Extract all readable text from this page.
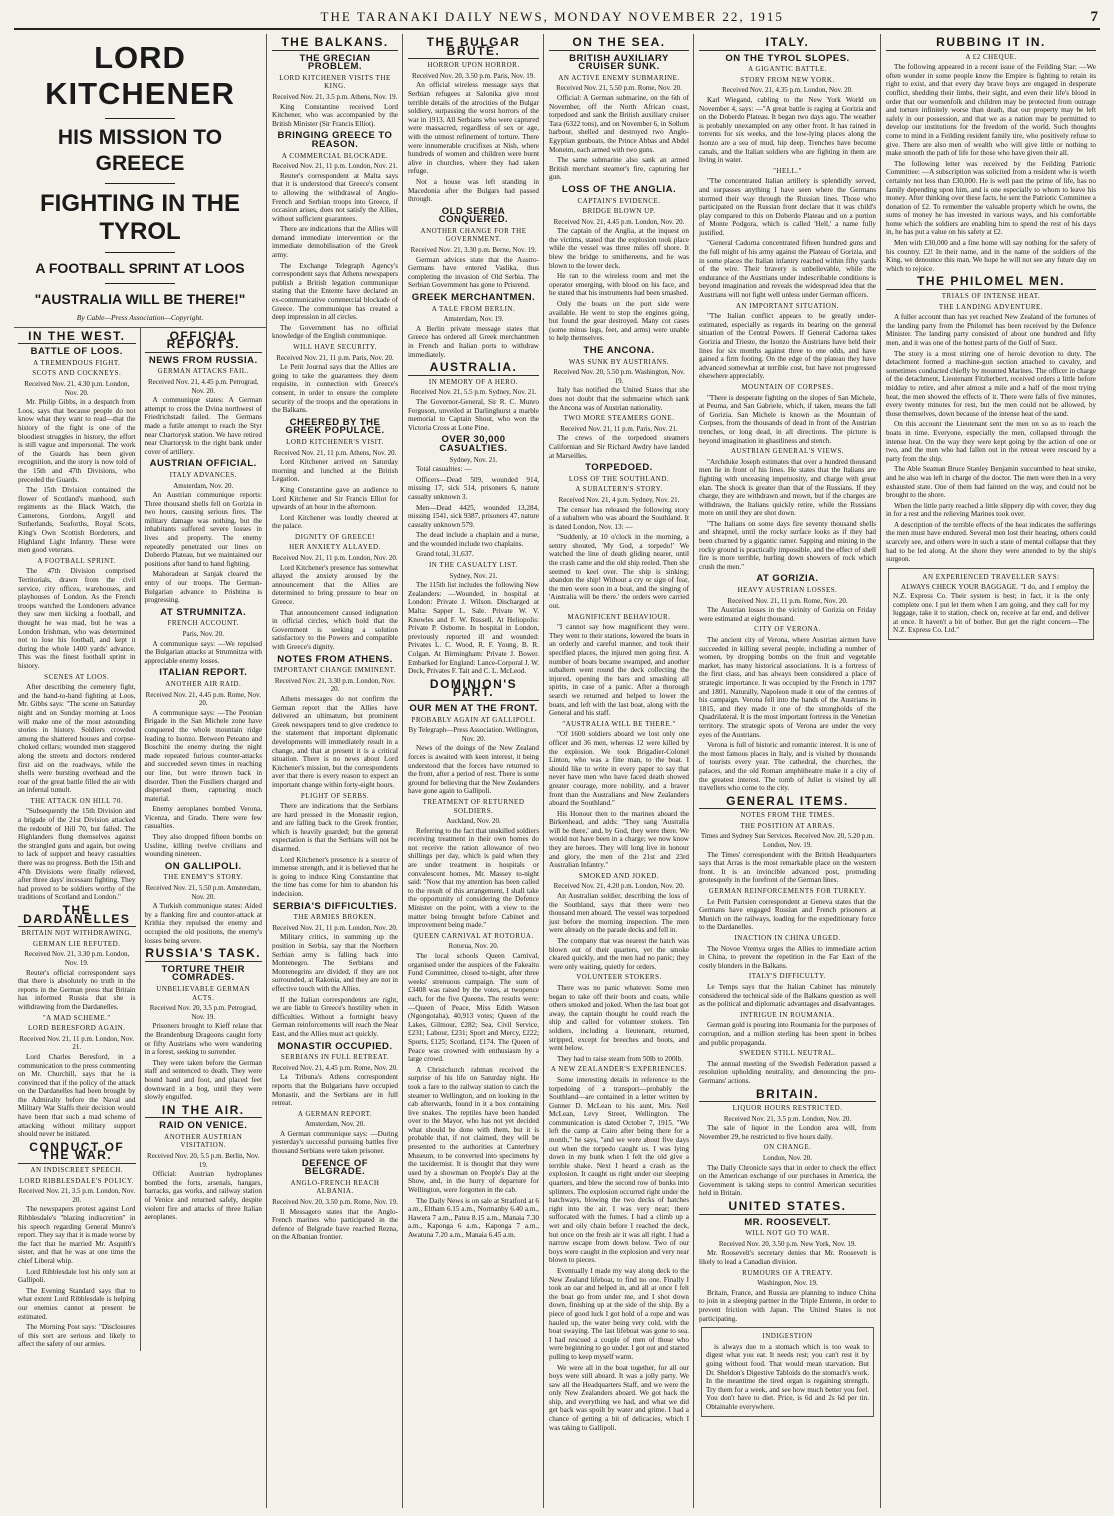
THE TARANAKI DAILY NEWS, MONDAY NOVEMBER 22, 1915	7
LORD KITCHENER
HIS MISSION TO GREECE
FIGHTING IN THE TYROL
A FOOTBALL SPRINT AT LOOS
"AUSTRALIA WILL BE THERE!"
By Cable—Press Association—Copyright.
IN THE WEST.
BATTLE OF LOOS.
A TREMENDOUS FIGHT.
SCOTS AND COCKNEYS.
Received Nov. 21, 4.30 p.m. London, Nov. 20.

Mr. Philip Gibbs, in a despatch from Loos, says that because people do not know what they want to read—that the history of the fight is one of the bloodiest struggles in history, the effort is still vague and impersonal. The work of the Guards has been given recognition, and the story is now told of the 15th and 47th Divisions, who preceded the Guards.

The 15th Division contained the flower of Scotland's manhood, such regiments as the Black Watch, the Camerons, Gordons, Argyll and Sutherlands, Seaforths, Royal Scots, King's Own Scottish Borderers, and Highland Light Infantry. These were men good veterans.

A FOOTBALL SPRINT.

The 47th Division comprised Territorials, drawn from the civil service, city offices, warehouses, and playhouses of London. As the French troops watched the Londoners advance they saw men kicking a football, and thought he was mad, but he was a London Irishman, who was determined not to lose his football, and kept it during the whole 1400 yards' advance. This was the finest football sprint in history.

SCENES AT LOOS.

After describing the cemetery fight, and the hand-to-hand fighting at Loos, Mr. Gibbs says: "The scene on Saturday night and on Sunday morning at Loos will make one of the most astounding stories in history. Soldiers crowded among the shattered houses and corpse-choked cellars; wounded men staggered along the streets and doctors rendered first aid on the roadways, while the shells were bursting overhead and the roar of the great battle filled the air with an infernal tumult.

THE ATTACK ON HILL 70.

"Subsequently the 15th Division and a brigade of the 21st Division attacked the redoubt of Hill 70, but failed. The Highlanders flung themselves against the strangled guns and again, but owing to lack of support and heavy casualties there was no progress. Both the 15th and 47th Divisions were finally relieved, after three days' incessant fighting. They had proved to be soldiers worthy of the traditions of Scotland and London."

THE DARDANELLES
BRITAIN NOT WITHDRAWING.
GERMAN LIE REFUTED.
Received Nov. 21, 3.30 p.m. London, Nov. 19.

Reuter's official correspondent says that there is absolutely no truth in the reports in the German press that Britain has informed Russia that she is withdrawing from the Dardanelles.

"A MAD SCHEME."
LORD BERESFORD AGAIN.
Received Nov. 21, 11 p.m. London, Nov. 21.

Lord Charles Beresford, in a communication to the press commenting on Mr. Churchill, says that he is convinced that if the policy of the attack on the Dardanelles had been brought by the Admiralty before the Naval and Military War Staffs their decision would have been that such a mad scheme of attacking without military support should never be initiated.

CONDUCT OF THE WAR.
AN INDISCREET SPEECH.
LORD RIBBLESDALE'S POLICY.
Received Nov. 21, 3.5 p.m. London, Nov. 20.

The newspapers protest against Lord Ribblesdale's "blazing indiscretion" in his speech regarding General Munro's report. They say that it is made worse by the fact that he married Mr. Asquith's sister, and that he was at one time the chief Liberal whip.

Lord Ribblesdale lost his only son at Gallipoli.

The Evening Standard says that to what extent Lord Ribblesdale is helping our enemies cannot at present be estimated.

The Morning Post says: "Disclosures of this sort are serious and likely to affect the safety of our armies.

OFFICIAL REPORTS.
NEWS FROM RUSSIA.
GERMAN ATTACKS FAIL.
Received Nov. 21, 4.45 p.m. Petrograd, Nov. 20.

A communique states: A German attempt to cross the Dvina northwest of Friedrichstadt failed. The Germans made a futile attempt to reach the Styr near Chartorysk station. We have retired near Chartorysk to the right bank under cover of artillery.

AUSTRIAN OFFICIAL.
ITALY ADVANCES.
Amsterdam, Nov. 20.

An Austrian communique reports: Three thousand shells fell on Gorizia in two hours, causing serious fires. The military damage was nothing, but the inhabitants suffered severe losses in lives and property. The enemy repeatedly penetrated our lines on Doberdo Plateau, but we maintained our positions after hand to hand fighting.

Mahoradean at Sanjak cleared the entry of our troops. The German-Bulgarian advance to Prishtina is progressing.

AT STRUMNITZA.
FRENCH ACCOUNT.
Paris, Nov. 20.

A communique says: —We repulsed the Bulgarian attacks at Strumnitza with appreciable enemy losses.

ITALIAN REPORT.
ANOTHER AIR RAID.
Received Nov. 21, 4.45 p.m. Rome, Nov. 20.

A communique says: —The Peonian Brigade in the San Michele zone have conquered the whole mountain ridge leading to Isonzo. Between Peteano and Boschini the enemy during the night made repeated furious counter-attacks and succeeded seven times in reaching our line, but were thrown back in disorder. Then the Fusiliers charged and dispersed them, capturing much material.

Enemy aeroplanes bombed Verona, Vicenza, and Grado. There were few casualties.

They also dropped fifteen bombs on Ussline, killing twelve civilians and wounding nineteen.

ON GALLIPOLI.
THE ENEMY'S STORY.
Received Nov. 21, 5.50 p.m. Amsterdam, Nov. 20.

A Turkish communique states: Aided by a flanking fire and counter-attack at Krithia they repulsed the enemy and occupied the old positions, the enemy's losses being severe.

RUSSIA'S TASK.
TORTURE THEIR COMRADES.
UNBELIEVABLE GERMAN ACTS.
Received Nov. 20, 3.5 p.m. Petrograd, Nov. 19.

Prisoners brought to Kieff relate that the Brandenburg Dragoons caught forty or fifty Austrians who were wandering in a forest, seeking to surrender.

They were taken before the German staff and sentenced to death. They were bound hand and foot, and placed feet downward in a bog, until they were slowly engulfed.

IN THE AIR.
RAID ON VENICE.
ANOTHER AUSTRIAN VISITATION.
Received Nov. 20, 5.5 p.m. Berlin, Nov. 19.

Official: Austrian hydroplanes bombed the forts, arsenals, hangars, barracks, gas works, and railway station of Venice and returned safely, despite violent fire and attacks of three Italian aeroplanes.

THE BALKANS.
THE GRECIAN PROBLEM.
LORD KITCHENER VISITS THE KING.
Received Nov. 21, 3.5 p.m. Athens, Nov. 19.

King Constantine received Lord Kitchener, who was accompanied by the British Minister (Sir Francis Elliot).

BRINGING GREECE TO REASON.
A COMMERCIAL BLOCKADE.
Received Nov. 21, 11 p.m. London, Nov. 21.

Reuter's correspondent at Malta says that it is understood that Greece's consent to allowing the withdrawal of Anglo-French and Serbian troops into Greece, if occasion arises, does not satisfy the Allies, without sufficient guarantees.

There are indications that the Allies will demand immediate intervention or the immediate demobilisation of the Greek army.

The Exchange Telegraph Agency's correspondent says that Athens newspapers publish a British legation communique stating that the Entente have declared an ex-communicative commercial blockade of Greece. The communique has created a deep impression in all circles.

The Government has no official knowledge of the English communique.

WILL HAVE SECURITY.
Received Nov. 21, 11 p.m. Paris, Nov. 20.

Le Petit Journal says that the Allies are going to take the guarantees they deem requisite, in connection with Greece's consent, in order to ensure the complete security of the troops and the operations in the Balkans.

CHEERED BY THE GREEK POPULACE.
LORD KITCHENER'S VISIT.
Received Nov. 21, 11 p.m. Athens, Nov. 20.

Lord Kitchener arrived on Saturday morning and lunched at the British Legation.

King Constantine gave an audience to Lord Kitchener and Sir Francis Elliot for upwards of an hour in the afternoon.

Lord Kitchener was loudly cheered at the palace.

DIGNITY OF GREECE!
HER ANXIETY ALLAYED.
Received Nov. 21, 11 p.m. London, Nov. 20.

Lord Kitchener's presence has somewhat allayed the anxiety aroused by the announcement that the Allies are determined to bring pressure to bear on Greece.

That announcement caused indignation in official circles, which hold that the Government is seeking a solution satisfactory to the Powers and compatible with Greece's dignity.

NOTES FROM ATHENS.
IMPORTANT CHANGE IMMINENT.
Received Nov. 21, 3.30 p.m. London, Nov. 20.

Athens messages do not confirm the German report that the Allies have delivered an ultimatum, but prominent Greek newspapers tend to give credence to the statement that important diplomatic developments will immediately result in a change, and that at present it is a critical situation. There is no news about Lord Kitchener's mission, but the correspondents aver that there is every reason to expect an important change within forty-eight hours.

PLIGHT OF SERBS.

There are indications that the Serbians are hard pressed in the Monastir region, and are falling back to the Greek frontier, which is heavily guarded; but the general expectation is that the Serbians will not be disarmed.

Lord Kitchener's presence is a source of immense strength, and it is believed that he is going to induce King Constantine that the time has come for him to abandon his indecision.

SERBIA'S DIFFICULTIES.
THE ARMIES BROKEN.
Received Nov. 21, 11 p.m. London, Nov. 20.

Military critics, in summing up the position in Serbia, say that the Northern Serbian army is falling back into Montenegro. The Serbians and Montenegrins are divided, if they are not surrounded, at Rakonia, and they are not in effective touch with the Allies.

If the Italian correspondents are right, we are liable to Greece's hostility when in difficulties. Without a fortnight heavy German reinforcements will reach the Near East, and the Allies must act quickly.

MONASTIR OCCUPIED.
SERBIANS IN FULL RETREAT.
Received Nov. 21, 4.45 p.m. Rome, Nov. 20.

La Tribuna's Athens correspondent reports that the Bulgarians have occupied Monastir, and the Serbians are in full retreat.

A GERMAN REPORT.
Amsterdam, Nov. 20.

A German communique says: —During yesterday's successful pursuing battles five thousand Serbians were taken prisoner.

DEFENCE OF BELGRADE.
ANGLO-FRENCH REACH ALBANIA.
Received Nov. 20, 3.50 p.m. Rome, Nov. 19.

Il Messagero states that the Anglo-French marines who participated in the defence of Belgrade have reached Rezna, on the Albanian frontier.

THE BULGAR BRUTE.
HORROR UPON HORROR.
Received Nov. 20, 3.50 p.m. Paris, Nov. 19.

An official wireless message says that Serbian refugees at Salonika give most terrible details of the atrocities of the Bulgar soldiery, surpassing the worst horrors of the war in 1913. All Serbians who were captured were massacred, regardless of sex or age, with the utmost refinement of torture. There were innumerable crucifixes at Nish, where hundreds of women and children were burnt alive in churches, where they had taken refuge.

Not a house was left standing in Macedonia after the Bulgars had passed through.

OLD SERBIA CONQUERED.
ANOTHER CHANGE FOR THE GOVERNMENT.
Received Nov. 21, 3.30 p.m. Berne, Nov. 19.

German advices state that the Austro-Germans have entered Vaslika, thus completing the invasion of Old Serbia. The Serbian Government has gone to Prisrend.

GREEK MERCHANTMEN.
A TALE FROM BERLIN.
Amsterdam, Nov. 19.

A Berlin private message states that Greece has ordered all Greek merchantmen in French and Italian ports to withdraw immediately.

AUSTRALIA.
IN MEMORY OF A HERO.
Received Nov. 21, 5.5 p.m. Sydney, Nov. 21.

The Governor-General, Sir R. C. Munro Ferguson, unveiled at Darlinghurst a marble memorial to Captain Shout, who won the Victoria Cross at Lone Pine.

OVER 30,000 CASUALTIES.
Sydney, Nov. 21.

Total casualties: —

Officers—Dead 509, wounded 914, missing 17, sick 514, prisoners 6, nature casualty unknown 3.

Men—Dead 4425, wounded 13,284, missing 1541, sick 9387, prisoners 47, nature casualty unknown 579.

The dead include a chaplain and a nurse, and the wounded include two chaplains.

Grand total, 31,637.

IN THE CASUALTY LIST.
Sydney, Nov. 21.

The 115th list includes the following New Zealanders: —Wounded, in hospital at London: Private J. Wilson. Discharged at Malta: Sapper L. Sale. Private W. V. Knowles and F. W. Russell. At Heliopolis: Private P. Osborne. In hospital in London, previously reported ill and wounded: Privates L. C. Wood, R. F. Young, B. R. Colgan. At Birmingham: Private J. Bower. Embarked for England: Lance-Corporal J. W. Deck, Privates F. Tait and C. L. McLeod.

DOMINION'S PART.
OUR MEN AT THE FRONT.
PROBABLY AGAIN AT GALLIPOLI.
By Telegraph—Press Association. Wellington, Nov. 20.

News of the doings of the New Zealand forces is awaited with keen interest, it being understood that the forces have returned to the front, after a period of rest. There is some ground for believing that the New Zealanders have gone again to Gallipoli.

TREATMENT OF RETURNED SOLDIERS.
Auckland, Nov. 20.

Referring to the fact that unskilled soldiers receiving treatment in their own homes do not receive the ration allowance of two shillings per day, which is paid when they are under treatment in hospitals or convalescent homes, Mr. Massey to-night said: "Now that my attention has been called to the result of this arrangement, I shall take the opportunity of considering the Defence Minister on the point, with a view to the matter being brought before Cabinet and improvement being made."

QUEEN CARNIVAL AT ROTORUA.
Rotorua, Nov. 20.

The local schools Queen Carnival, organised under the auspices of the Fakeaitu Fund Committee, closed to-night, after three weeks' strenuous campaign. The sum of £3408 was raised by the votes, at twopence each, for the five Queens. The results were: —Queen of Peace, Miss Edith Watson (Ngongotaha), 40,913 votes; Queen of the Lakes, Gilmour, £282; Sea, Civil Service, £231; Labour, £231; Sport and Mercy, £222; Sports, £125; Scotland, £174. The Queen of Peace was crowned with enthusiasm by a large crowd.

A Christchurch rabman received the surprise of his life on Saturday night. He took a fare to the railway station to catch the steamer to Wellington, and on looking in the cab afterwards, found in it a box containing live snakes. The reptiles have been handed over to the Mayor, who has not yet decided what should be done with them, but it is probable that, if not claimed, they will be presented to the authorities at Canterbury Museum, to be converted into specimens by the taxidermist. It is thought that they were used by a showman on People's Day at the Show, and, in the hurry of departure for Wellington, were forgotten in the cab.

The Daily News is on sale at Stratford at 6 a.m., Eltham 6.15 a.m., Normanby 6.40 a.m., Hawera 7 a.m., Patea 8.15 a.m., Manaia 7.30 a.m., Kaponga 6 a.m., Kaponga 7 a.m., Awatuna 7.20 a.m., Manaia 6.45 a.m.

ON THE SEA.
BRITISH AUXILIARY CRUISER SUNK.
AN ACTIVE ENEMY SUBMARINE.
Received Nov. 21, 5.50 p.m. Rome, Nov. 20.

Official: A German submarine, on the 6th of November, off the North African coast, torpedoed and sank the British auxiliary cruiser Tara (6322 tons), and on November 6, in Sollum harbour, shelled and destroyed two Anglo-Egyptian gunboats, the Prince Abbas and Abdel Moneim, each armed with two guns.

The same submarine also sank an armed British merchant steamer's fire, capturing her gun.

LOSS OF THE ANGLIA.
CAPTAIN'S EVIDENCE.
BRIDGE BLOWN UP.
Received Nov. 21, 4.45 p.m. London, Nov. 20.

The captain of the Anglia, at the inquest on the victims, stated that the explosion took place while the vessel was three miles off shore. It blew the bridge to smithereens, and he was blown to the lower deck.

He ran to the wireless room and met the operator emerging, with blood on his face, and he stated that his instruments had been smashed.

Only the boats on the port side were available. He went to stop the engines going, but found the gear destroyed. Many cot cases (some minus legs, feet, and arms) were unable to help themselves.

THE ANCONA.
WAS SUNK BY AUSTRIANS.
Received Nov. 20, 5.50 p.m. Washington, Nov. 19.

Italy has notified the United States that she does not doubt that the submarine which sank the Ancona was of Austrian nationality.

TWO MORE STEAMERS GONE.
Received Nov. 21, 11 p.m. Paris, Nov. 21.

The crews of the torpedoed steamers Californian and Sir Richard Awdry have landed at Marseilles.

TORPEDOED.
LOSS OF THE SOUTHLAND.
A SUBALTERN'S STORY.
Received Nov. 21, 4 p.m. Sydney, Nov. 21.

The censor has released the following story of a subaltern who was aboard the Southland. It is dated London, Nov. 13: —

"Suddenly, at 10 o'clock in the morning, a sentry shouted, 'My God, a torpedo!' We watched the line of death gliding nearer, until the crash came and the old ship reeled. Then she seemed to keel over. The ship is sinking; abandon the ship! Without a cry or sign of fear, the men were soon in a boat, and the singing of 'Australia will be there.' the orders were carried out.

MAGNIFICENT BEHAVIOUR.

"I cannot say how magnificent they were. They went to their stations, lowered the boats in an orderly and careful manner, and took their specified places, the injured men going first. A number of boats became swamped, and another subaltern went round the deck collecting the injured, opening the bars and smashing all spirits, in case of a panic. After a thorough search we returned and helped to lower the boats, and left with the last boat, along with the General and his staff.

"AUSTRALIA WILL BE THERE."

"Of 1600 soldiers aboard we lost only one officer and 36 men, whereas 12 were killed by the explosion. We took Brigadier-Colonel Linton, who was a fine man, to the boat. I should like to write in every paper to say that never have men who have faced death showed greater courage, more nobility, and a braver front than the Australians and New Zealanders aboard the Southland."

His Honour then to the marines aboard the Birkenhead, and adds: "They sang 'Australia will be there,' and, by God, they were there. We would not have been in a charge; we now know they are heroes. They will long live in honour and glory, the men of the 21st and 23rd Australian Infantry."

SMOKED AND JOKED.
Received Nov. 21, 4.20 p.m. London, Nov. 20.

An Australian soldier, describing the loss of the Southland, says that there were two thousand men aboard. The vessel was torpedoed just before the morning inspection. The men were already on the parade decks and fell in.

The company that was nearest the hatch was blown out of their quarters, yet the smoke cleared quickly, and the men had no panic; they were only waiting, quietly for orders.

VOLUNTEER STOKERS.

There was no panic whatever. Some men began to take off their boots and coats, while others smoked and joked. When the last boat got away, the captain thought he could reach the ship and called for volunteer stokers. Ten soldiers, including a lieutenant, returned, stripped, except for breeches and boots, and went below.

They had to raise steam from 50lb to 200lb.

A NEW ZEALANDER'S EXPERIENCES.

Some interesting details in reference to the torpedoing of a transport—probably the Southland—are contained in a letter written by Gunner D. McLean to his aunt, Mrs. Neil McLean, Levy Street, Wellington. The communication is dated October 7, 1915. "We left the camp at Cairo after being there for a month," he says, "and we were about five days out when the torpedo caught us. I was lying down in my bunk when I felt the old give a terrible shake. Next I heard a crash as the explosion. It caught us right under our sleeping quarters, and blew the second row of bunks into splinters. The explosion occurred right under the hatchways, blowing the two decks of hatches right into the air. I was very near; there suffocated with the fumes. I had a climb up a wet and oily chain before I reached the deck, but once on the fresh air it was all right. I had a narrow escape from down below. Two of our boys were caught in the explosion and very near blown to pieces.

Eventually I made my way along deck to the New Zealand lifeboat, to find no one. Finally I took an oar and helped in, and all at once I felt the boat go from under me, and I shot down down, finishing up at the side of the ship. By a piece of good luck I got hold of a rope and was hauled up, the water being very cold, with the boat swaying. The last lifeboat was gone to sea. I had rescued a couple of men of those who were beginning to go under. I got out and started pulling to keep myself warm.

We were all in the boat together, for all our boys were still aboard. It was a jolly party. We saw all the Headquarters Staff, and we were the only New Zealanders aboard. We got back the ship, and everything we had, and what we did get back was spoilt by water and grime. I had a chance of getting a bit of delicacies, which I was taking to Gallipoli.

ITALY.
ON THE TYROL SLOPES.
A GIGANTIC BATTLE.
STORY FROM NEW YORK.
Received Nov. 21, 4.35 p.m. London, Nov. 20.

Karl Wiegand, cabling to the New York World on November 4, says: —"A great battle is raging at Gorizia and on the Doberdo Plateau. It began two days ago. The weather is probably unexampled on any other front. It has rained in torrents for six weeks, and the low-lying places along the Isonzo are a sea of mud, hip deep. Trenches have become canals, and the Italian soldiers who are fighting in them are living in water.

"HELL."

"The concentrated Italian artillery is splendidly served, and surpasses anything I have seen where the Germans stormed their way through the Russian lines. Those who participated on the Russian front declare that it was child's play compared to this on Doberdo Plateau and on a portion of Monte Podgora, which is called 'Hell,' a name fully justified.

"General Cadorna concentrated fifteen hundred guns and the full might of his army against the Plateau of Gorizia, and in some places the Italian infantry reached within fifty yards of the wire. Their bravery is unbelievable, while the endurance of the Austrians under indescribable conditions is beyond imagination and reveals the widespread idea that the Austrians will not fight well unless under German officers.

AN IMPORTANT SITUATION.

"The Italian conflict appears to be greatly under-estimated, especially as regards its bearing on the general situation of the Central Powers. If General Cadorna takes Gorizia and Trieste, the Isonzo the Austrians have held their lines for six months against three to one odds, and have gained a firm footing. On the edge of the plateau they have advanced somewhat at terrible cost, but have not progressed elsewhere appreciably.

MOUNTAIN OF CORPSES.

"There is desperate fighting on the slopes of San Michele, at Peuma, and San Gabriele, which, if taken, means the fall of Gorizia. San Michele is known as the Mountain of Corpses, from the thousands of dead in front of the Austrian trenches, or long dead, in all directions. The picture is beyond imagination in ghastliness and stench.

AUSTRIAN GENERAL'S VIEWS.

"Archduke Joseph estimates that over a hundred thousand men lie in front of his lines. He states that the Italians are fighting with unceasing impetuosity, and charge with great elan. The shock is greater than that of the Russians. If they charge, they are withdrawn and mown, but if the charges are withdrawn, the Italians quickly retire, while the Russians more on until they are shot down.

"The Italians on some days fire seventy thousand shells and shrapnel, until the rocky surface looks as if they had been churned by a gigantic ramer. Sapping and mining in the rocky ground is practically impossible, and the effect of shell fire is more terrible, hurling down showers of rock which crush the men."

AT GORIZIA.
HEAVY AUSTRIAN LOSSES.
Received Nov. 21, 11 p.m. Rome, Nov. 20.

The Austrian losses in the vicinity of Gorizia on Friday were estimated at eight thousand.

CITY OF VERONA.

The ancient city of Verona, where Austrian airmen have succeeded in killing several people, including a number of women, by dropping bombs on the fruit and vegetable market, has many historical associations. It is a fortress of the first class, and has always been considered a place of strategic importance. It was occupied by the French in 1797 and 1801. Naturally, Napoleon made it one of the centres of his campaign. Verona fell into the hands of the Austrians in 1815, and they made it one of the strongholds of the Quadrilateral. It is the most important fortress in the Venetian territory. The strategic spots of Verona are under the very eyes of the Austrians.

Verona is full of historic and romantic interest. It is one of the most famous places in Italy, and is visited by thousands of tourists every year. The cathedral, the churches, the palaces, and the old Roman amphitheatre make it a city of the greatest interest. The tomb of Juliet is visited by all travellers who come to the city.

GENERAL ITEMS.
NOTES FROM THE TIMES.
THE POSITION AT ARRAS.
Times and Sydney Sun Services. Received Nov. 20, 5.20 p.m. London, Nov. 19.

The Times' correspondent with the British Headquarters says that Arras is the most remarkable place on the western front. It is an invincible advanced post, protruding grotesquely in the forefront of the German lines.

GERMAN REINFORCEMENTS FOR TURKEY.

Le Petit Parisien correspondent at Geneva states that the Germans have engaged Russian and French prisoners at Munich on the railways, loading for the expeditionary force to the Dardanelles.

INACTION IN CHINA URGED.

The Novoe Vremya urges the Allies to immediate action in China, to prevent the repetition in the Far East of the costly blunders in the Balkans.

ITALY'S DIFFICULTY.

Le Temps says that the Italian Cabinet has minutely considered the technical side of the Balkans question as well as the political and diplomatic advantages and disadvantages.

INTRIGUE IN ROUMANIA.

German gold is pouring into Roumania for the purposes of corruption, and a million sterling has been spent in bribes and public propaganda.

SWEDEN STILL NEUTRAL.

The annual meeting of the Swedish Federation passed a resolution upholding neutrality, and denouncing the pro-Germans' actions.

BRITAIN.
LIQUOR HOURS RESTRICTED.
Received Nov. 21, 3.5 p.m. London, Nov. 20.

The sale of liquor in the London area will, from November 29, be restricted to five hours daily.

ON CHANGE.
London, Nov. 20.

The Daily Chronicle says that in order to check the effect on the American exchange of our purchases in America, the Government is taking steps to control American securities held in Britain.

UNITED STATES.
MR. ROOSEVELT.
WILL NOT GO TO WAR.
Received Nov. 20, 3.50 p.m. New York, Nov. 19.

Mr. Roosevelt's secretary denies that Mr. Roosevelt is likely to lead a Canadian division.

RUMOURS OF A TREATY.
Washington, Nov. 19.

Britain, France, and Russia are planning to induce China to join in a sleeping partner in the Triple Entente, in order to prevent friction with Japan. The United States is not participating.

INDIGESTION

is always due to a stomach which is too weak to digest what you eat. It needs rest; you can't rest it by going without food. That would mean starvation. But Dr. Sheldon's Digestive Tabloids do the stomach's work. In the meantime the tired organ is regaining strength. Try them for a week, and see how much better you feel. You don't have to diet. Price, is 6d and 2s 6d per tin. Obtainable everywhere.

RUBBING IT IN.
A £2 CHEQUE.

The following appeared in a recent issue of the Feilding Star: —We often wonder in some people know the Empire is fighting to retain its right to exist, and that every day brave boys are engaged in desperate conflict, shedding their limbs, their sight, and even their life's blood in order that our womenfolk and children may be protected from outrage and torture infinitely worse than death, that our property may be left safely in our possession, and that we as a nation may be permitted to develop our institutions for the freedom of the world. Such thoughts come to mind in a Feilding resident family tire, who positively refuse to give. There are also men of wealth who will give little or nothing to make smooth the path of life for those who have given their all.

The following letter was received by the Feilding Patriotic Committee: —A subscription was solicited from a resident who is worth certainly not less than £30,000. He is well past the prime of life, has no family depending upon him, and is one especially to whom to leave his money. After thinking over these facts, he sent the Patriotic Committee a donation of £2. To remember the valuable property which he owns, the sums of money he has invested in various ways, and his comfortable home which the soldiers are enabling him to spend the rest of his days in, he has put a value on his safety at £2.

Men with £30,000 and a fine home will say nothing for the safety of his country. £2! In their name, and in the name of the soldiers of the King, we denounce this man. We hope he will not see any future day on which to rejoice.

THE PHILOMEL MEN.
TRIALS OF INTENSE HEAT.
THE LANDING ADVENTURE.

A fuller account than has yet reached New Zealand of the fortunes of the landing party from the Philomel has been received by the Defence Minister. The landing party consisted of about one hundred and fifty men, and it was one of the hottest parts of the Gulf of Suez.

The story is a most stirring one of heroic devotion to duty. The detachment formed a machine-gun section attached to cavalry, and sometimes conducted chiefly by mounted Marines. The officer in charge of the detachment, Lieutenant Fitzherbert, received orders a little before midday to retire, and after almost a mile and a half of the most trying heat, the men showed the effects of it. There were falls of five minutes, every twenty minutes for rest, but the men could not be allowed, by those themselves, down because of the intense heat of the sand.

On this account the Lieutenant sent the men on so as to reach the boats in time. Everyone, especially the men, collapsed through the intense heat. On the way they were kept going by the action of one or two, and the men who had fallen out in the retreat were rescued by a party from the ship.

The Able Seaman Bruce Stanley Benjamin succumbed to heat stroke, and he also was left in charge of the doctor. The men were then in a very exhausted state. One of them had fainted on the way, and could not be brought to the shore.

When the little party reached a little slippery dip with cover, they dug in for a rest and the relieving Marines took over.

A description of the terrible effects of the heat indicates the sufferings the men must have endured. Several men lost their hearing, others could scarcely see, and others were in such a state of mental collapse that they had to be led along. At the shore they were attended to by the ship's surgeon.

AN EXPERIENCED TRAVELLER SAYS:

ALWAYS CHECK YOUR BAGGAGE. "I do, and I employ the N.Z. Express Co. Their system is best; in fact, it is the only complete one. I put let them when I am going, and they call for my luggage, take it to station, check on, receive at far end, and deliver at once. It haven't a bit of bother. But get the right concern—The N.Z. Express Co. Ltd."
